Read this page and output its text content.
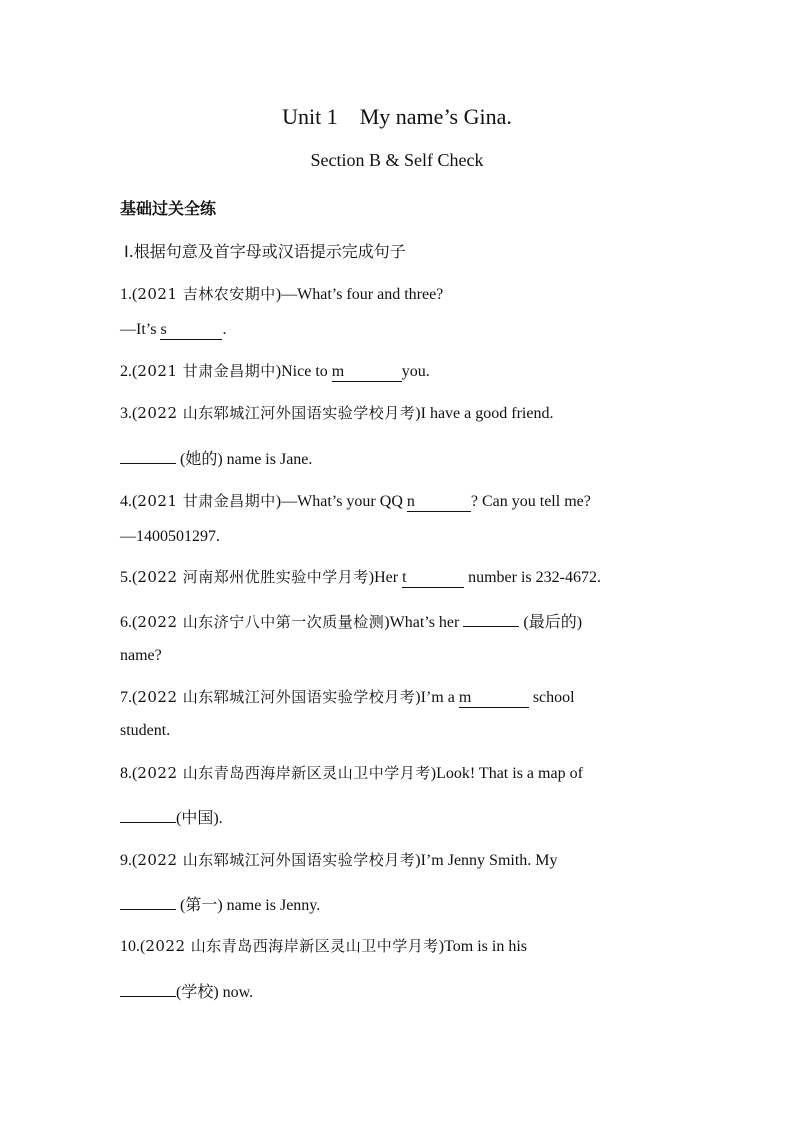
Unit 1 My name’s Gina.
Section B & Self Check
基础过关全练
Ⅰ.根据句意及首字母或汉语提示完成句子
1.(2021 吉林农安期中)—What’s four and three?
—It’s s	.
2.(2021 甘肃金昌期中)Nice to m	you.
3.(2022 山东郓城江河外国语实验学校月考)I have a good friend.
(她的) name is Jane.
4.(2021 甘肃金昌期中)—What’s your QQ n	? Can you tell me?
—1400501297.
5.(2022 河南郑州优胜实验中学月考)Her t	number is 232-4672.
6.(2022 山东济宁八中第一次质量检测)What’s her	(最后的)
name?
7.(2022 山东郓城江河外国语实验学校月考)I’m a m	school
student.
8.(2022 山东青岛西海岸新区灵山卫中学月考)Look! That is a map of
(中国).
9.(2022 山东郓城江河外国语实验学校月考)I’m Jenny Smith. My
(第一) name is Jenny.
10.(2022 山东青岛西海岸新区灵山卫中学月考)Tom is in his
(学校) now.
